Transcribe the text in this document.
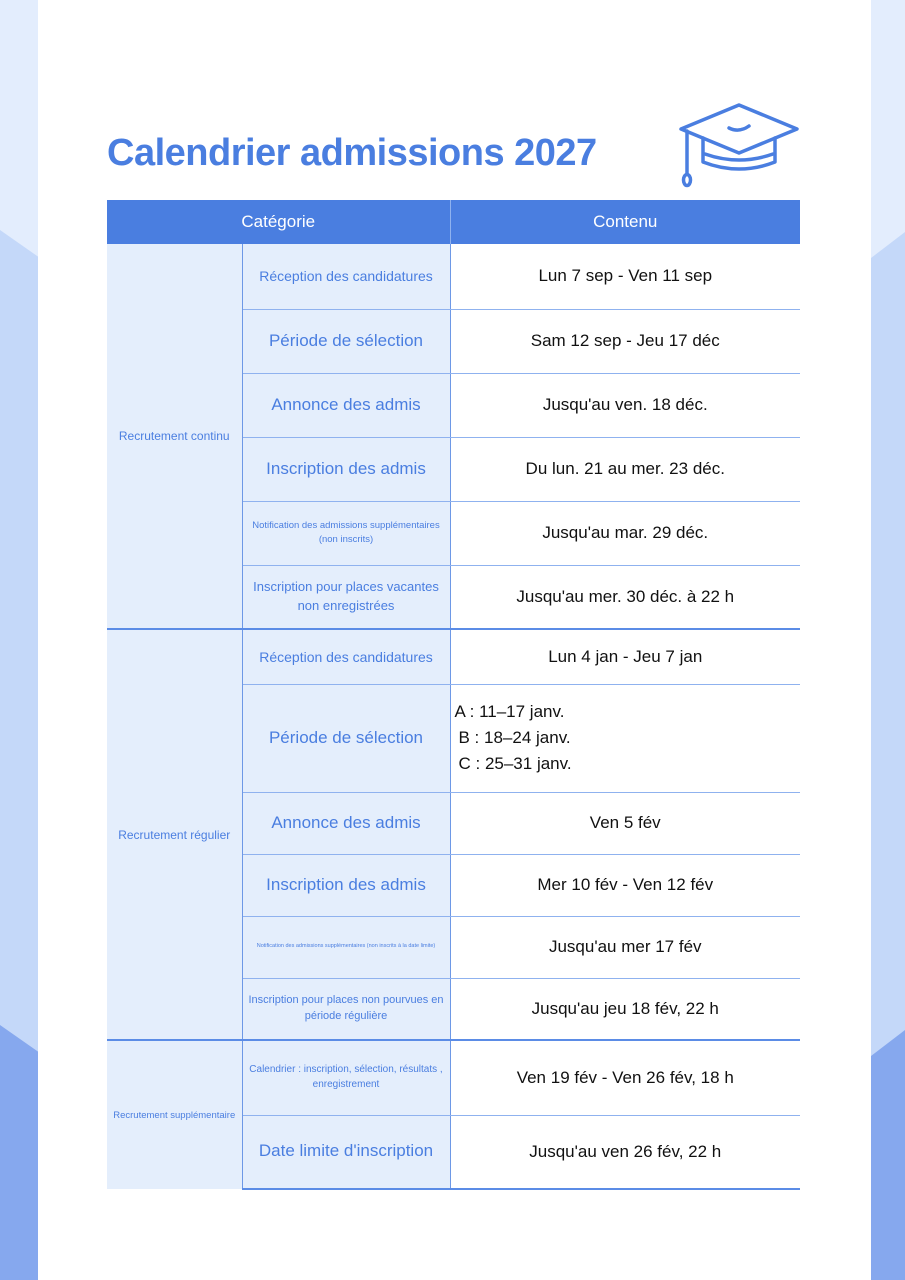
Calendrier admissions 2027
Catégorie		Contenu
Recrutement continu	Réception des candidatures	Lun 7 sep - Ven 11 sep
	Période de sélection	Sam 12 sep - Jeu 17 déc
	Annonce des admis	Jusqu'au ven. 18 déc.
	Inscription des admis	Du lun. 21 au mer. 23 déc.
	Notification des admissions supplémentaires (non inscrits)	Jusqu'au mar. 29 déc.
	Inscription pour places vacantes non enregistrées	Jusqu'au mer. 30 déc. à 22 h
Recrutement régulier	Réception des candidatures	Lun 4 jan - Jeu 7 jan
	Période de sélection	A : 11–17 janv.
B : 18–24 janv.
C : 25–31 janv.

	Annonce des admis	Ven 5 fév
	Inscription des admis	Mer 10 fév - Ven 12 fév
	Notification des admissions supplémentaires (non inscrits à la date limite)	Jusqu'au mer 17 fév
	Inscription pour places non pourvues en période régulière	Jusqu'au jeu 18 fév, 22 h
Recrutement supplémentaire	Calendrier : inscription, sélection, résultats , enregistrement	Ven 19 fév - Ven 26 fév, 18 h
	Date limite d'inscription	Jusqu'au ven 26 fév, 22 h
